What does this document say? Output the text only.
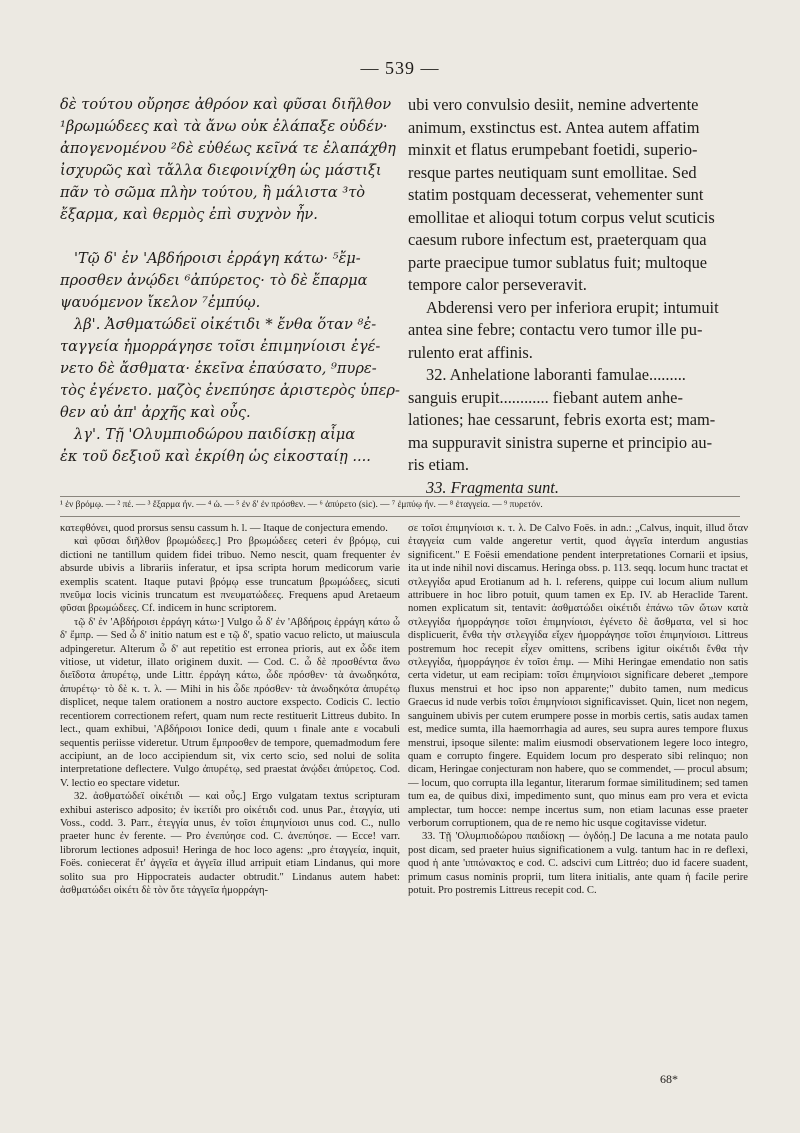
— 539 —
δὲ τούτου οὔρησε ἀθρόον καὶ φῦσαι διῆλθον
¹βρωμώδεες καὶ τὰ ἄνω οὐκ ἐλάπαξε οὐδέν·
ἀπογενομένου ²δὲ εὐθέως κεῖνά τε ἐλαπάχθη
ἰσχυρῶς καὶ τἄλλα διεφοινίχθη ὡς μάστιξι
πᾶν τὸ σῶμα πλὴν τούτου, ἢ μάλιστα ³τὸ
ἔξαρμα, καὶ θερμὸς ἐπὶ συχνὸν ἦν.
'Τῷ δ' ἐν 'Αβδήροισι ἐρράγη κάτω· ⁵ἔμ-
προσθεν ἀνῴδει ⁶ἀπύρετος· τὸ δὲ ἔπαρμα
ψαυόμενον ἴκελον ⁷ἐμπύῳ.
λβ'. Ἀσθματώδεϊ οἰκέτιδι * ἔνθα ὅταν ⁸ἐ-
ταγγεία ἡμορράγησε τοῖσι ἐπιμηνίοισι ἐγέ-
νετο δὲ ἄσθματα· ἐκεῖνα ἐπαύσατο, ⁹πυρε-
τὸς ἐγένετο. μαζὸς ἐνεπύησε ἀριστερὸς ὑπερ-
θεν αὐ ἀπ' ἀρχῆς καὶ οὖς.
λγ'. Τῇ 'Ολυμπιοδώρου παιδίσκῃ αἷμα
ἐκ τοῦ δεξιοῦ καὶ ἐκρίθη ὡς εἰκοσταίῃ ....
ubi vero convulsio desiit, nemine advertente
animum, exstinctus est. Antea autem affatim
minxit et flatus erumpebant foetidi, superio-
resque partes neutiquam sunt emollitae. Sed
statim postquam decesserat, vehementer sunt
emollitae et alioqui totum corpus velut scuticis
caesum rubore infectum est, praeterquam qua
parte praecipue tumor sublatus fuit; multoque
tempore calor perseveravit.
Abderensi vero per inferiora erupit; intumuit
antea sine febre; contactu vero tumor ille pu-
rulento erat affinis.
32. Anhelatione laboranti famulae.........
sanguis erupit............ fiebant autem anhe-
lationes; hae cessarunt, febris exorta est; mam-
ma suppuravit sinistra superne et principio au-
ris etiam.
33. Fragmenta sunt.
¹ ἐν βρόμῳ. — ² πέ. — ³ ἔξαρμα ἦν. — ⁴ ὧ. — ⁵ ἐν δ' ἐν πρόσθεν. — ⁶ ἀπύρετο (sic). — ⁷ ἐμπύῳ ἦν. — ⁸ ἐταγγεία. — ⁹ πυρετόν.

κατεφθόνει, quod prorsus sensu cassum h. l. — Itaque de conjectura emendo.

καὶ φῦσαι διῆλθον βρωμώδεες.] Pro βρωμώδεες ceteri ἐν βρόμῳ, cui dictioni ne tantillum quidem fidei tribuo. Nemo nescit, quam frequenter ἐν absurde ubivis a librariis inferatur, et ipsa scripta horum medicorum varie exemplis scatent. Itaque putavi βρόμῳ esse truncatum βρωμώδεες, sicuti πνεῦμα locis vicinis truncatum est πνευματώδεες. Frequens apud Aretaeum φῦσαι βρωμώδεες. Cf. indicem in hunc scriptorem.

τῷ δ' ἐν 'Αβδήροισι ἐρράγη κάτω·] Vulgo ὧ δ' ἐν 'Αβδήροις ἐρράγη κάτω ὧ δ' ἔμπρ. — Sed ὧ δ' initio natum est e τῷ δ', spatio vacuo relicto, ut maiuscula adpingeretur. Alterum ὧ δ' aut repetitio est erronea prioris, aut ex ὧδε item vitiose, ut videtur, illato originem duxit. — Cod. C. ὧ δὲ προσθέντα ἄνω διεῖδοτα ἀπυρέτῳ, unde Littr. ἐρράγη κάτω, ὧδε πρόσθεν· τὰ ἀνωδηκότα, ἀπυρέτῳ· τὸ δὲ κ. τ. λ. — Mihi in his ὧδε πρόσθεν· τὰ ἀνωδηκότα ἀπυρέτῳ displicet, neque talem orationem a nostro auctore exspecto. Codicis C. lectio recentiorem correctionem refert, quam num recte restituerit Littreus dubito. In lect., quam exhibui, 'Αβδήροισι Ionice dedi, quum ι finale ante ε vocabuli sequentis periisse videretur. Utrum ἔμπροσθεν de tempore, quemadmodum fere accipiunt, an de loco accipiendum sit, vix certo scio, sed nolui de solita interpretatione deflectere. Vulgo ἀπυρέτῳ, sed praestat ἀνῴδει ἀπύρετος. Cod. V. lectio eo spectare videtur.

32. ἀσθματώδεϊ οἰκέτιδι — καὶ οὖς.] Ergo vulgatam textus scripturam exhibui asterisco adposito; ἐν ἰκετίδι pro οἰκέτιδι cod. unus Par., ἐταγγία, uti Voss., codd. 3. Parr., ἐτεγγία unus, ἐν τοῖσι ἐπιμηνίοισι unus cod. C., nullo praeter hunc ἐν ferente. — Pro ἐνεπύησε cod. C. ἀνεπύησε. — Ecce! varr. librorum lectiones adposui! Heringa de hoc loco agens: „pro ἐταγγεία, inquit, Foës. coniecerat ἔτ' ἀγγεῖα et ἀγγεῖα illud arripuit etiam Lindanus, qui more solito sua pro Hippocrateis audacter obtrudit." Lindanus autem habet: ἀσθματώδει οἰκέτι δὲ τὸν ὅτε τἀγγεῖα ἡμορράγη-

σε τοῖσι ἐπιμηνίοισι κ. τ. λ. De Calvo Foës. in adn.: „Calvus, inquit, illud ὅταν ἐταγγεία cum valde angeretur vertit, quod ἀγγεῖα interdum angustias significent." E Foësii emendatione pendent interpretationes Cornarii et ipsius, ita ut inde nihil novi discamus. Heringa obss. p. 113. seqq. locum hunc tractat et στλεγγίδα apud Erotianum ad h. l. referens, quippe cui locum alium nullum attribuere in hoc libro potuit, quum tamen ex Ep. IV. ab Heraclide Tarent. nomen explicatum sit, tentavit: ἀσθματώδει οἰκέτιδι ἐπάνω τῶν ὤτων κατὰ στλεγγίδα ἡμορράγησε τοῖσι ἐπιμηνίοισι, ἐγένετο δὲ ἄσθματα, vel si hoc displicuerit, ἔνθα τὴν στλεγγίδα εἴχεν ἡμορράγησε τοῖσι ἐπιμηνίοισι. Littreus postremum hoc recepit εἶχεν omittens, scribens igitur οἰκέτιδι ἔνθα τὴν στλεγγίδα, ἡμορράγησε ἐν τοῖσι ἐπιμ. — Mihi Heringae emendatio non satis certa videtur, ut eam recipiam: τοῖσι ἐπιμηνίοισι significare deberet „tempore fluxus menstrui et hoc ipso non apparente;" dubito tamen, num medicus Graecus id nude verbis τοῖσι ἐπιμηνίοισι significavisset. Quin, licet non negem, sanguinem ubivis per cutem erumpere posse in morbis certis, satis audax tamen est, medice sumta, illa haemorrhagia ad aures, seu supra aures tempore fluxus menstrui, ipsoque silente: malim eiusmodi observationem legere loco integro, quam e corrupto fingere. Equidem locum pro desperato sibi relinquo; non dicam, Heringae conjecturam non habere, quo se commendet, — procul absum; — locum, quo corrupta illa legantur, literarum formae similitudinem; sed tamen tum ea, de quibus dixi, impedimento sunt, quo minus eam pro vera et evicta amplectar, tum hocce: nempe incertus sum, non etiam lacunas esse praeter verborum corruptionem, qua de re nemo hic usque cogitavisse videtur.

33. Τῇ 'Ολυμπιοδώρου παιδίσκῃ — ὀγδόῃ.] De lacuna a me notata paulo post dicam, sed praeter huius significationem a vulg. tantum hac in re deflexi, quod ἡ ante 'ιππώνακτος e cod. C. adscivi cum Littréo; duo id facere suadent, primum casus nominis proprii, tum litera initialis, ante quam ἡ facile perire potuit. Pro postremis Littreus recepit cod. C.

68*
